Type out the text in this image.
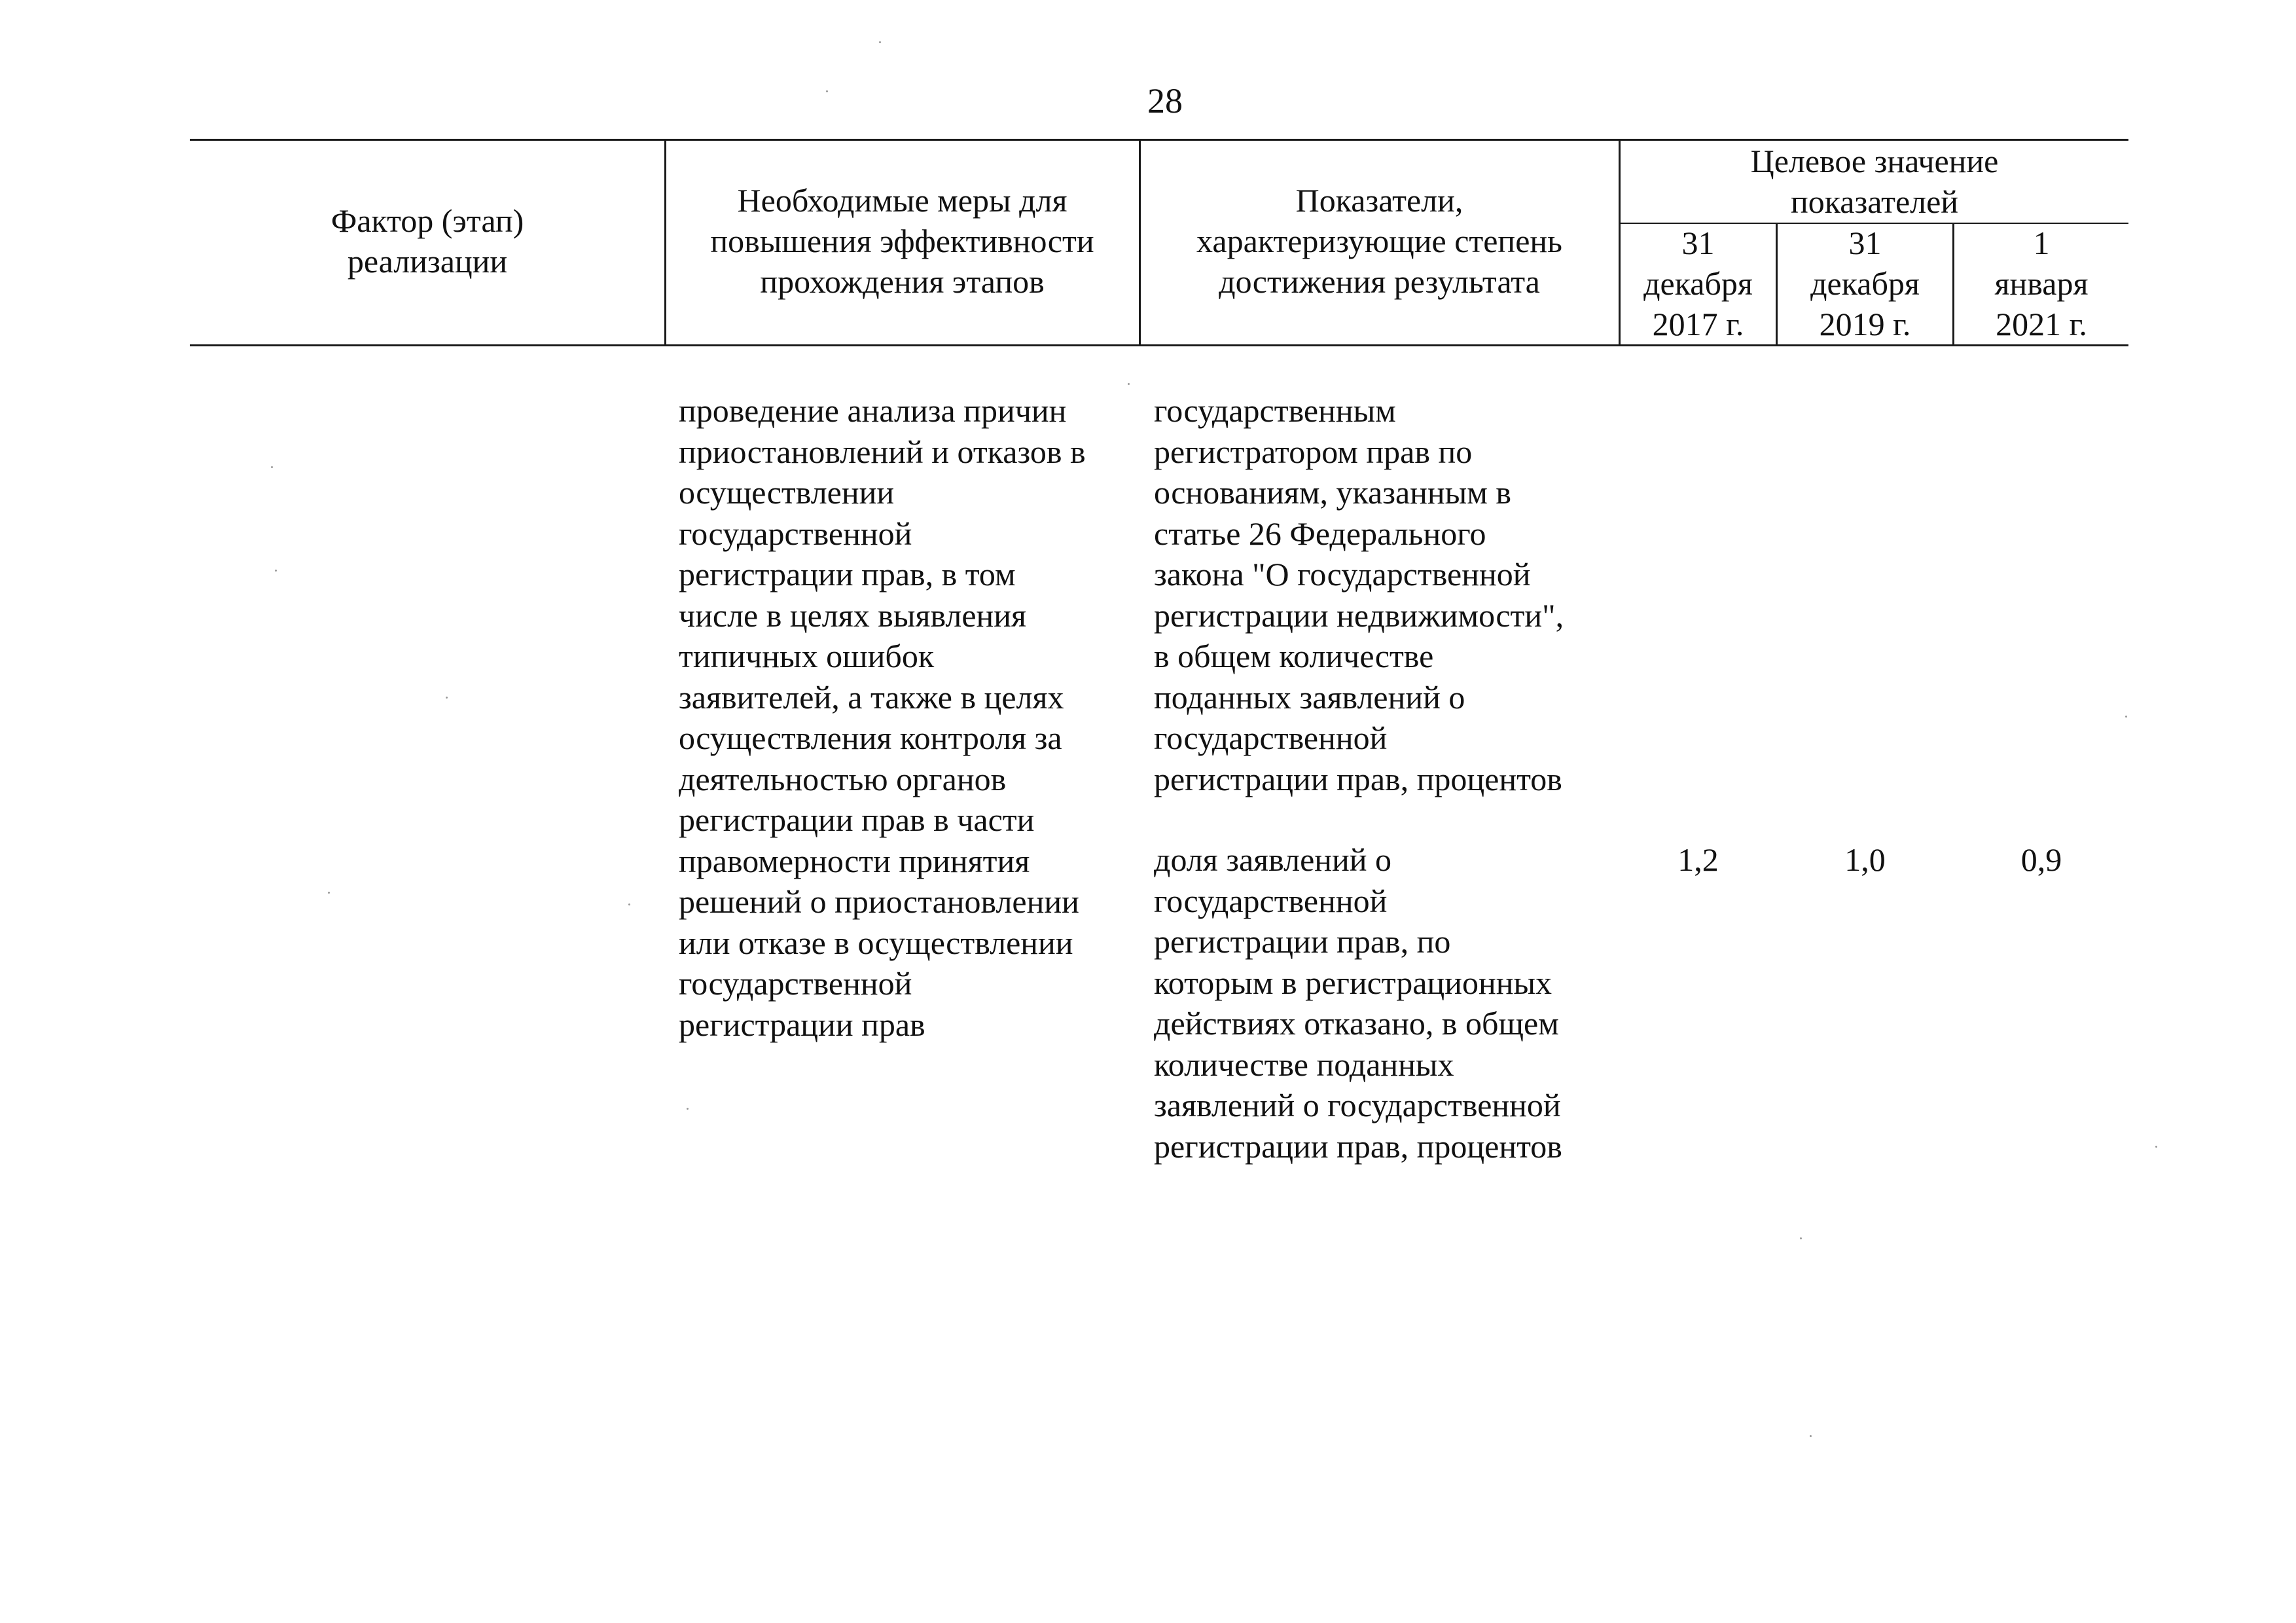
28
Фактор (этап)
реализации
Необходимые меры для
повышения эффективности
прохождения этапов
Показатели,
характеризующие степень
достижения результата
Целевое значение
показателей
31
декабря
2017 г.
31
декабря
2019 г.
1
января
2021 г.
проведение анализа причин
приостановлений и отказов в
осуществлении
государственной
регистрации прав, в том
числе в целях выявления
типичных ошибок
заявителей, а также в целях
осуществления контроля за
деятельностью органов
регистрации прав в части
правомерности принятия
решений о приостановлении
или отказе в осуществлении
государственной
регистрации прав
государственным
регистратором прав по
основаниям, указанным в
статье 26 Федерального
закона "О государственной
регистрации недвижимости",
в общем количестве
поданных заявлений о
государственной
регистрации прав, процентов
доля заявлений о
государственной
регистрации прав, по
которым в регистрационных
действиях отказано, в общем
количестве поданных
заявлений о государственной
регистрации прав, процентов
1,2	1,0	0,9
